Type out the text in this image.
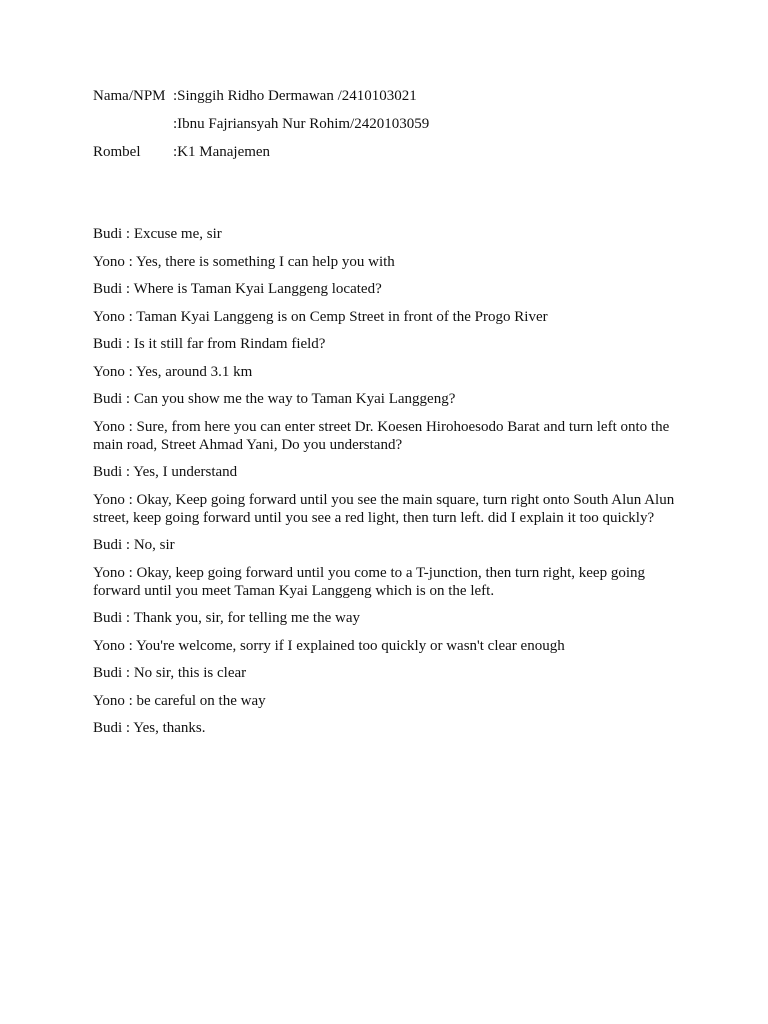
Nama/NPM : Singgih Ridho Dermawan /2410103021
: Ibnu Fajriansyah Nur Rohim/2420103059
Rombel	: K1 Manajemen

Budi : Excuse me, sir

Yono : Yes, there is something I can help you with

Budi : Where is Taman Kyai Langgeng located?

Yono : Taman Kyai Langgeng is on Cemp Street in front of the Progo River

Budi : Is it still far from Rindam field?

Yono : Yes, around 3.1 km

Budi : Can you show me the way to Taman Kyai Langgeng?

Yono : Sure, from here you can enter street Dr. Koesen Hirohoesodo Barat and turn left onto the main road, Street Ahmad Yani, Do you understand?

Budi : Yes, I understand

Yono : Okay, Keep going forward until you see the main square, turn right onto South Alun Alun street, keep going forward until you see a red light, then turn left. did I explain it too quickly?

Budi : No, sir

Yono : Okay, keep going forward until you come to a T-junction, then turn right, keep going forward until you meet Taman Kyai Langgeng which is on the left.

Budi : Thank you, sir, for telling me the way

Yono : You're welcome, sorry if I explained too quickly or wasn't clear enough

Budi : No sir, this is clear

Yono : be careful on the way

Budi : Yes, thanks.
